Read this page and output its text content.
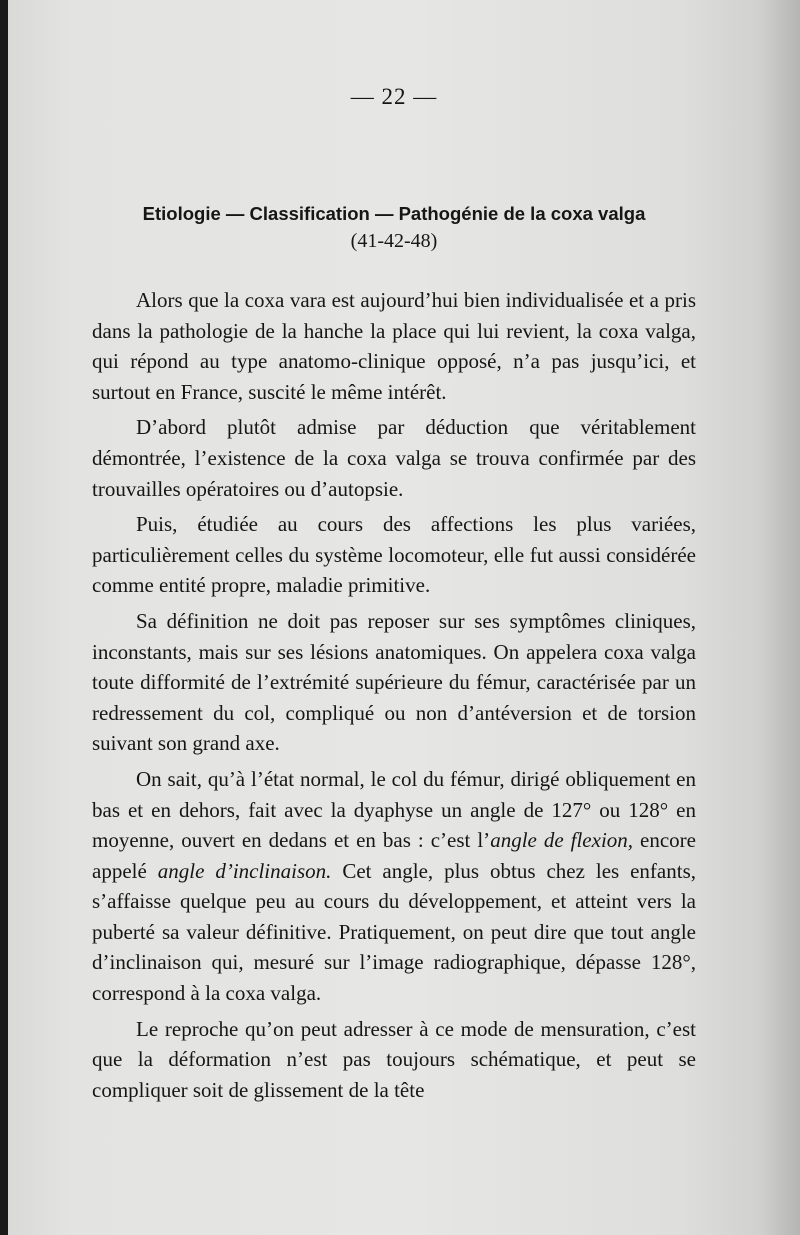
— 22 —
Etiologie — Classification — Pathogénie de la coxa valga
(41-42-48)

Alors que la coxa vara est aujourd’hui bien individualisée et a pris dans la pathologie de la hanche la place qui lui revient, la coxa valga, qui répond au type anatomo-clinique opposé, n’a pas jusqu’ici, et surtout en France, suscité le même intérêt.

D’abord plutôt admise par déduction que véritablement démontrée, l’existence de la coxa valga se trouva confirmée par des trouvailles opératoires ou d’autopsie.

Puis, étudiée au cours des affections les plus variées, particulièrement celles du système locomoteur, elle fut aussi considérée comme entité propre, maladie primitive.

Sa définition ne doit pas reposer sur ses symptômes cliniques, inconstants, mais sur ses lésions anatomiques. On appelera coxa valga toute difformité de l’extrémité supérieure du fémur, caractérisée par un redressement du col, compliqué ou non d’antéversion et de torsion suivant son grand axe.

On sait, qu’à l’état normal, le col du fémur, dirigé obliquement en bas et en dehors, fait avec la dyaphyse un angle de 127° ou 128° en moyenne, ouvert en dedans et en bas : c’est l’angle de flexion, encore appelé angle d’inclinaison. Cet angle, plus obtus chez les enfants, s’affaisse quelque peu au cours du développement, et atteint vers la puberté sa valeur définitive. Pratiquement, on peut dire que tout angle d’inclinaison qui, mesuré sur l’image radiographique, dépasse 128°, correspond à la coxa valga.

Le reproche qu’on peut adresser à ce mode de mensuration, c’est que la déformation n’est pas toujours schématique, et peut se compliquer soit de glissement de la tête
